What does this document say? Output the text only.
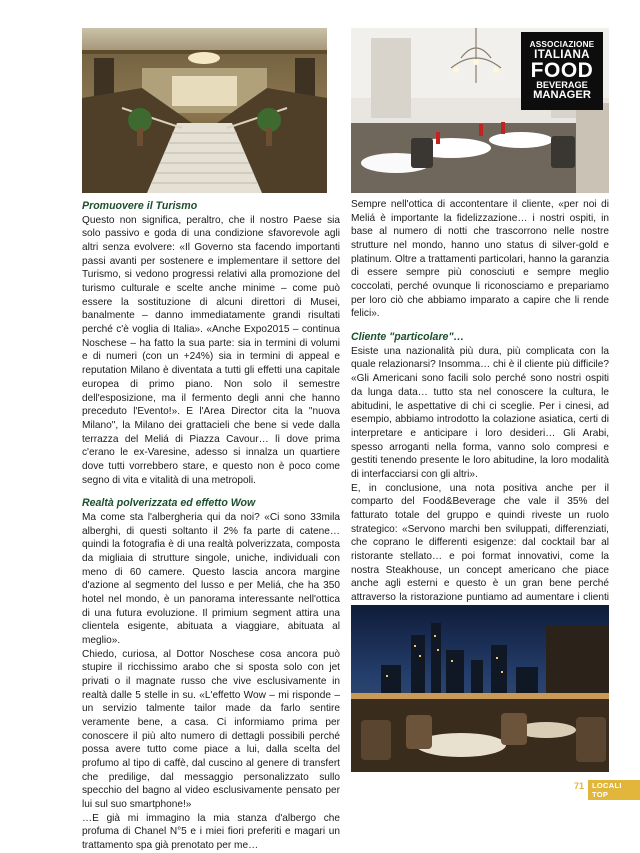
ASSOCIAZIONE
ITALIANA
FOOD
BEVERAGE
MANAGER
Promuovere il Turismo

Questo non significa, peraltro, che il nostro Paese sia solo passivo e goda di una condizione sfavorevole agli altri senza evolvere: «Il Governo sta facendo importanti passi avanti per sostenere e implementare il settore del Turismo, si vedono progressi relativi alla promozione del turismo culturale e scelte anche minime – come può essere la sostituzione di alcuni direttori di Musei, banalmente – danno immediatamente grandi risultati perché c'è voglia di Italia». «Anche Expo2015 – continua Noschese – ha fatto la sua parte: sia in termini di volumi e di numeri (con un +24%) sia in termini di appeal e reputation Milano è diventata a tutti gli effetti una capitale europea di primo piano. Non solo il semestre dell'esposizione, ma il fermento degli anni che hanno preceduto l'Evento!». E l'Area Director cita la "nuova Milano", la Milano dei grattacieli che bene si vede dalla terrazza del Meliá di Piazza Cavour… lì dove prima c'erano le ex-Varesine, adesso si innalza un quartiere dove tutti vorrebbero stare, e questo non è poco come segno di vita e vitalità di una metropoli.

Realtà polverizzata ed effetto Wow

Ma come sta l'albergheria qui da noi? «Ci sono 33mila alberghi, di questi soltanto il 2% fa parte di catene… quindi la fotografia è di una realtà polverizzata, composta da migliaia di strutture singole, uniche, individuali con meno di 60 camere. Questo lascia ancora margine d'azione al segmento del lusso e per Meliá, che ha 350 hotel nel mondo, è un panorama interessante nell'ottica di una futura evoluzione. Il primium segment attira una clientela esigente, abituata a viaggiare, abituata al meglio».

Chiedo, curiosa, al Dottor Noschese cosa ancora può stupire il ricchissimo arabo che si sposta solo con jet privati o il magnate russo che vive esclusivamente in realtà dalle 5 stelle in su. «L'effetto Wow – mi risponde – un servizio talmente tailor made da farlo sentire veramente bene, a casa. Ci informiamo prima per conoscere il più alto numero di dettagli possibili perché possa avere tutto come piace a lui, dalla scelta del profumo al tipo di caffè, dal cuscino al genere di transfert che predilige, dal messaggio personalizzato sullo specchio del bagno al video esclusivamente pensato per lui sul suo smartphone!»

…E già mi immagino la mia stanza d'albergo che profuma di Chanel N°5 e i miei fiori preferiti e magari un trattamento spa già prenotato per me…

Sempre nell'ottica di accontentare il cliente, «per noi di Meliá è importante la fidelizzazione… i nostri ospiti, in base al numero di notti che trascorrono nelle nostre strutture nel mondo, hanno uno status di silver-gold e platinum. Oltre a trattamenti particolari, hanno la garanzia di essere sempre più conosciuti e sempre meglio coccolati, perché ovunque li riconosciamo e prepariamo per loro ciò che abbiamo imparato a capire che li rende felici».

Cliente "particolare"…

Esiste una nazionalità più dura, più complicata con la quale relazionarsi? Insomma… chi è il cliente più difficile? «Gli Americani sono facili solo perché sono nostri ospiti da lunga data… tutto sta nel conoscere la cultura, le abitudini, le aspettative di chi ci sceglie. Per i cinesi, ad esempio, abbiamo introdotto la colazione asiatica, certi di interpretare e anticipare i loro desideri… Gli Arabi, spesso arroganti nella forma, vanno solo compresi e gestiti tenendo presente le loro abitudine, la loro modalità di interfacciarsi con gli altri».

E, in conclusione, una nota positiva anche per il comparto del Food&Beverage che vale il 35% del fatturato totale del gruppo e quindi riveste un ruolo strategico: «Servono marchi ben sviluppati, differenziati, che coprano le differenti esigenze: dal cocktail bar al ristorante stellato… e poi format innovativi, come la nostra Steakhouse, un concept americano che piace anche agli esterni e questo è un gran bene perché attraverso la ristorazione puntiamo ad aumentare i clienti

71	LOCALI TOP
